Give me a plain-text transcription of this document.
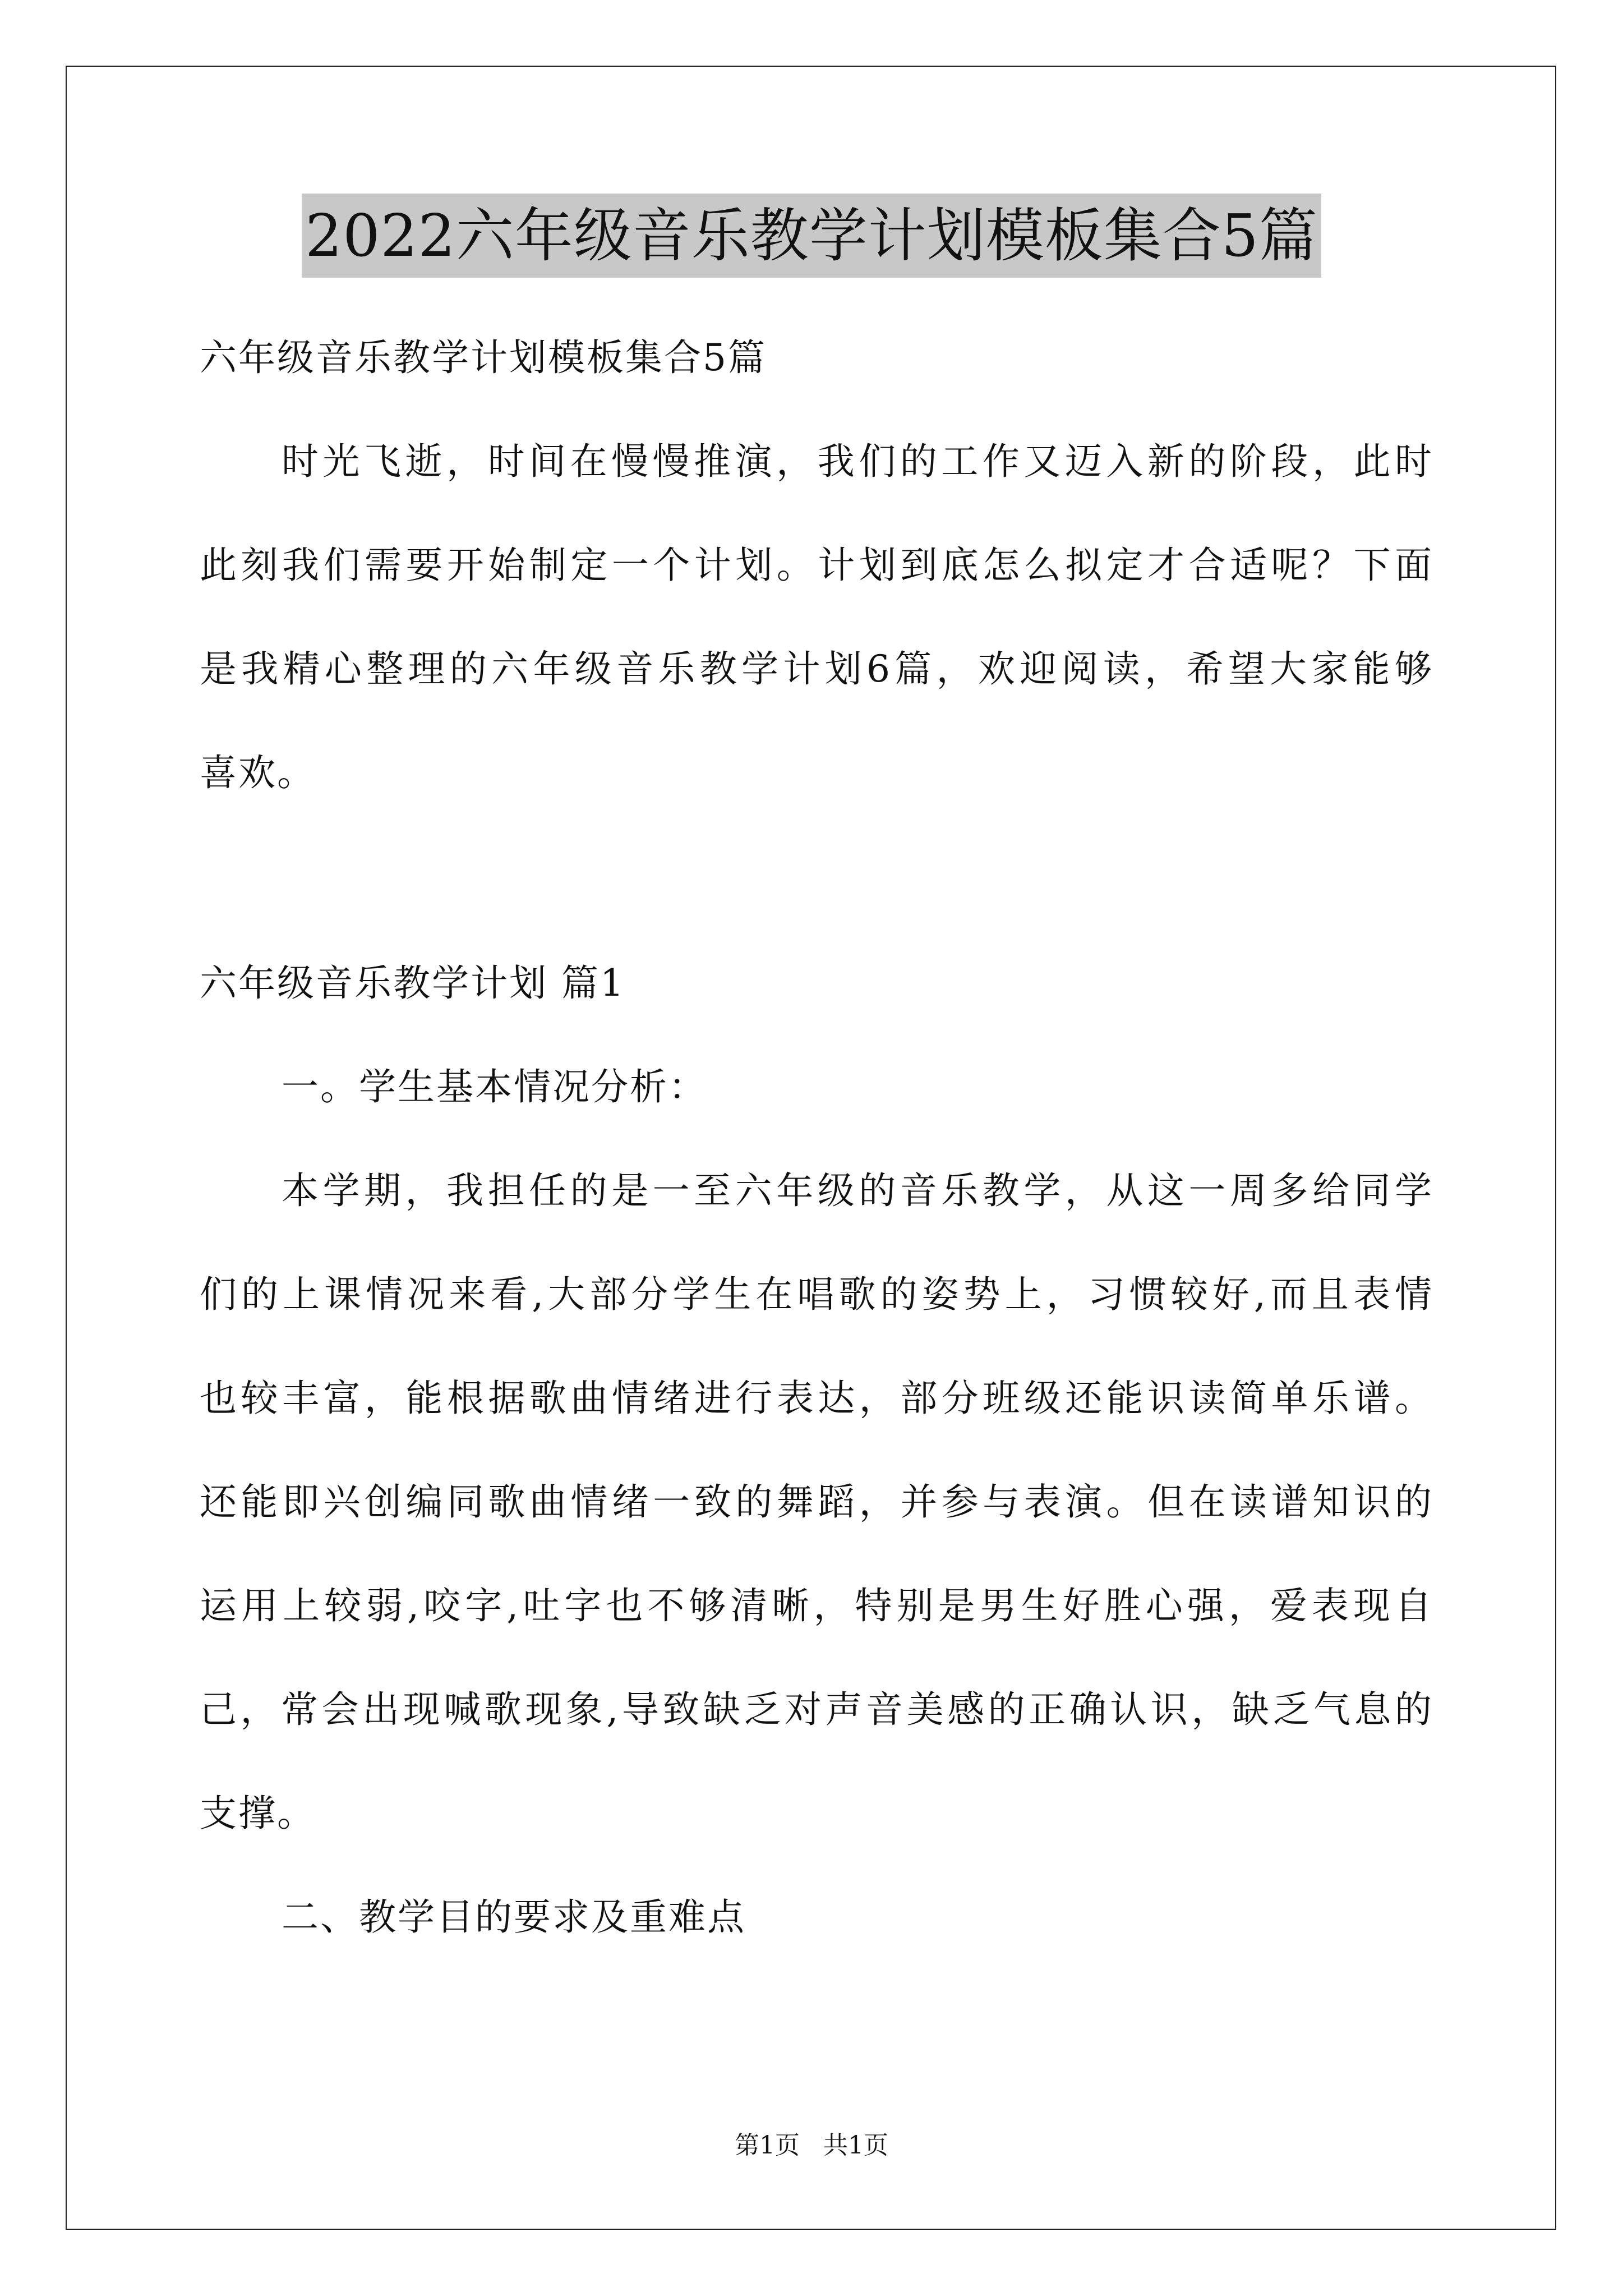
2022六年级音乐教学计划模板集合5篇
六年级音乐教学计划模板集合5篇
时光飞逝，时间在慢慢推演，我们的工作又迈入新的阶段，此时
此刻我们需要开始制定一个计划。计划到底怎么拟定才合适呢？下面
是我精心整理的六年级音乐教学计划6篇，欢迎阅读，希望大家能够
喜欢。
六年级音乐教学计划 篇1
一。学生基本情况分析：
本学期，我担任的是一至六年级的音乐教学，从这一周多给同学
们的上课情况来看,大部分学生在唱歌的姿势上，习惯较好,而且表情
也较丰富，能根据歌曲情绪进行表达，部分班级还能识读简单乐谱。
还能即兴创编同歌曲情绪一致的舞蹈，并参与表演。但在读谱知识的
运用上较弱,咬字,吐字也不够清晰，特别是男生好胜心强，爱表现自
己，常会出现喊歌现象,导致缺乏对声音美感的正确认识，缺乏气息的
支撑。
二、教学目的要求及重难点
第1页   共1页
